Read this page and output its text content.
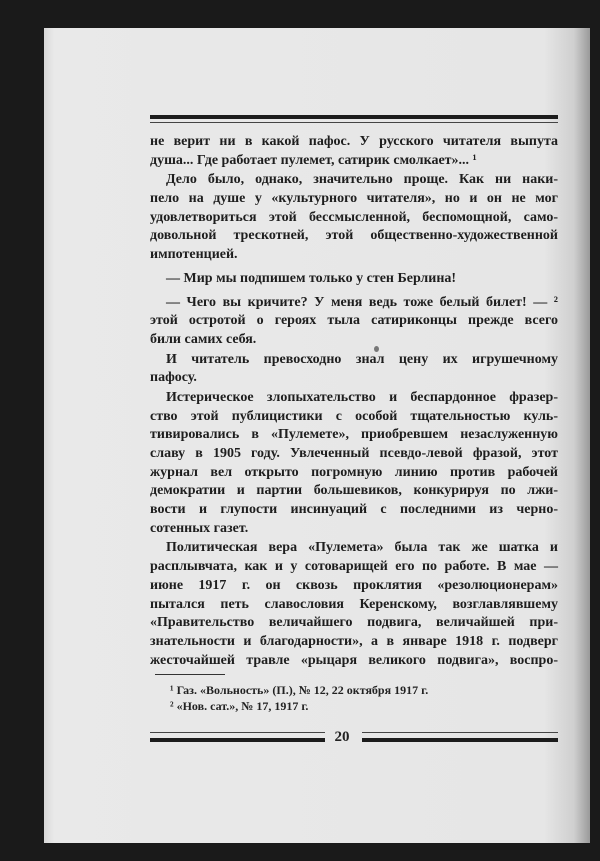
не верит ни в какой пафос. У русского читателя выпута
душа... Где работает пулемет, сатирик смолкает»... ¹
Дело было, однако, значительно проще. Как ни наки-
пело на душе у «культурного читателя», но и он не мог
удовлетвориться этой бессмысленной, беспомощной, само-
довольной трескотней, этой общественно-художественной
импотенцией.
— Мир мы подпишем только у стен Берлина!
— Чего вы кричите? У меня ведь тоже белый билет! — ²
этой остротой о героях тыла сатириконцы прежде всего
били самих себя.
И читатель превосходно знал цену их игрушечному
пафосу.
Истерическое злопыхательство и беспардонное фразер-
ство этой публицистики с особой тщательностью куль-
тивировались в «Пулемете», приобревшем незаслуженную
славу в 1905 году. Увлеченный псевдо-левой фразой, этот
журнал вел открыто погромную линию против рабочей
демократии и партии большевиков, конкурируя по лжи-
вости и глупости инсинуаций с последними из черно-
сотенных газет.
Политическая вера «Пулемета» была так же шатка и
расплывчата, как и у сотоварищей его по работе. В мае —
июне 1917 г. он сквозь проклятия «резолюционерам»
пытался петь славословия Керенскому, возглавлявшему
«Правительство величайшего подвига, величайшей при-
знательности и благодарности», а в январе 1918 г. подверг
жесточайшей травле «рыцаря великого подвига», воспро-
¹ Газ. «Вольность» (П.), № 12, 22 октября 1917 г.
² «Нов. сат.», № 17, 1917 г.
20
